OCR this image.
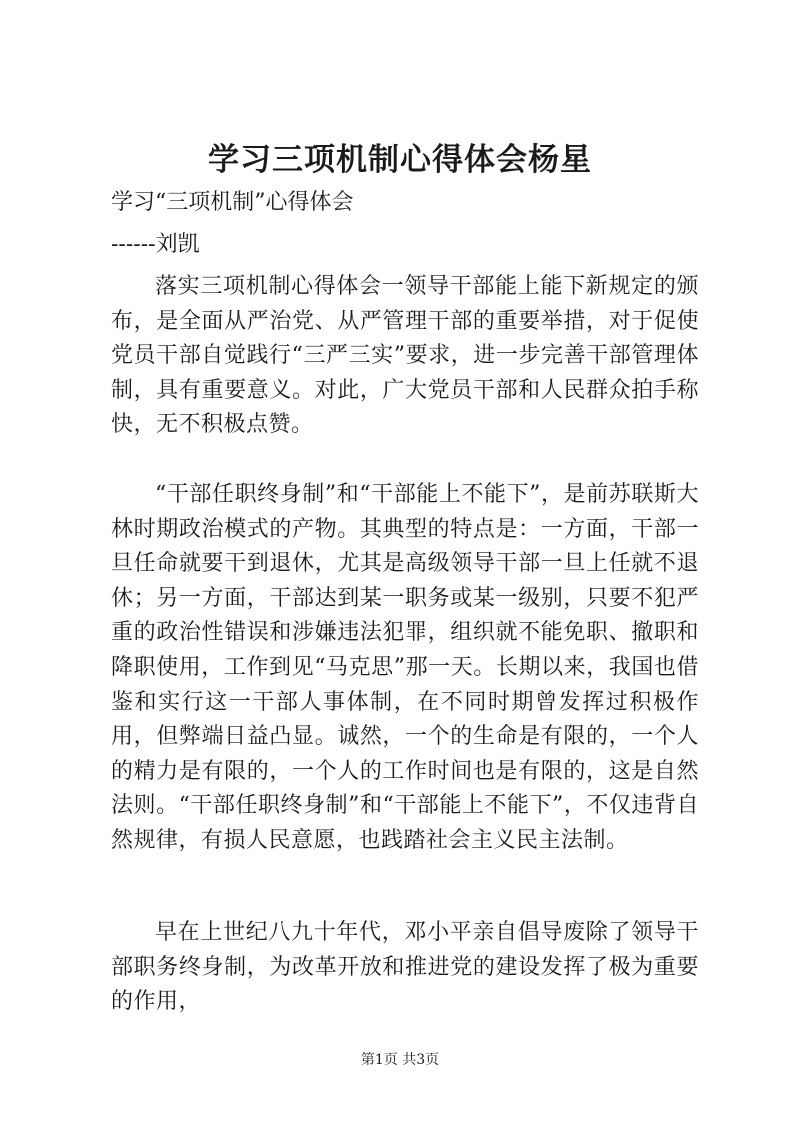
学习三项机制心得体会杨星
学习“三项机制”心得体会
------刘凯
落实三项机制心得体会一领导干部能上能下新规定的颁布，是全面从严治党、从严管理干部的重要举措，对于促使党员干部自觉践行“三严三实”要求，进一步完善干部管理体制，具有重要意义。对此，广大党员干部和人民群众拍手称快，无不积极点赞。
“干部任职终身制”和“干部能上不能下”，是前苏联斯大林时期政治模式的产物。其典型的特点是：一方面，干部一旦任命就要干到退休，尤其是高级领导干部一旦上任就不退休；另一方面，干部达到某一职务或某一级别，只要不犯严重的政治性错误和涉嫌违法犯罪，组织就不能免职、撤职和降职使用，工作到见“马克思”那一天。长期以来，我国也借鉴和实行这一干部人事体制，在不同时期曾发挥过积极作用，但弊端日益凸显。诚然，一个的生命是有限的，一个人的精力是有限的，一个人的工作时间也是有限的，这是自然法则。“干部任职终身制”和“干部能上不能下”，不仅违背自然规律，有损人民意愿，也践踏社会主义民主法制。
早在上世纪八九十年代，邓小平亲自倡导废除了领导干部职务终身制，为改革开放和推进党的建设发挥了极为重要的作用，
第1页 共3页
